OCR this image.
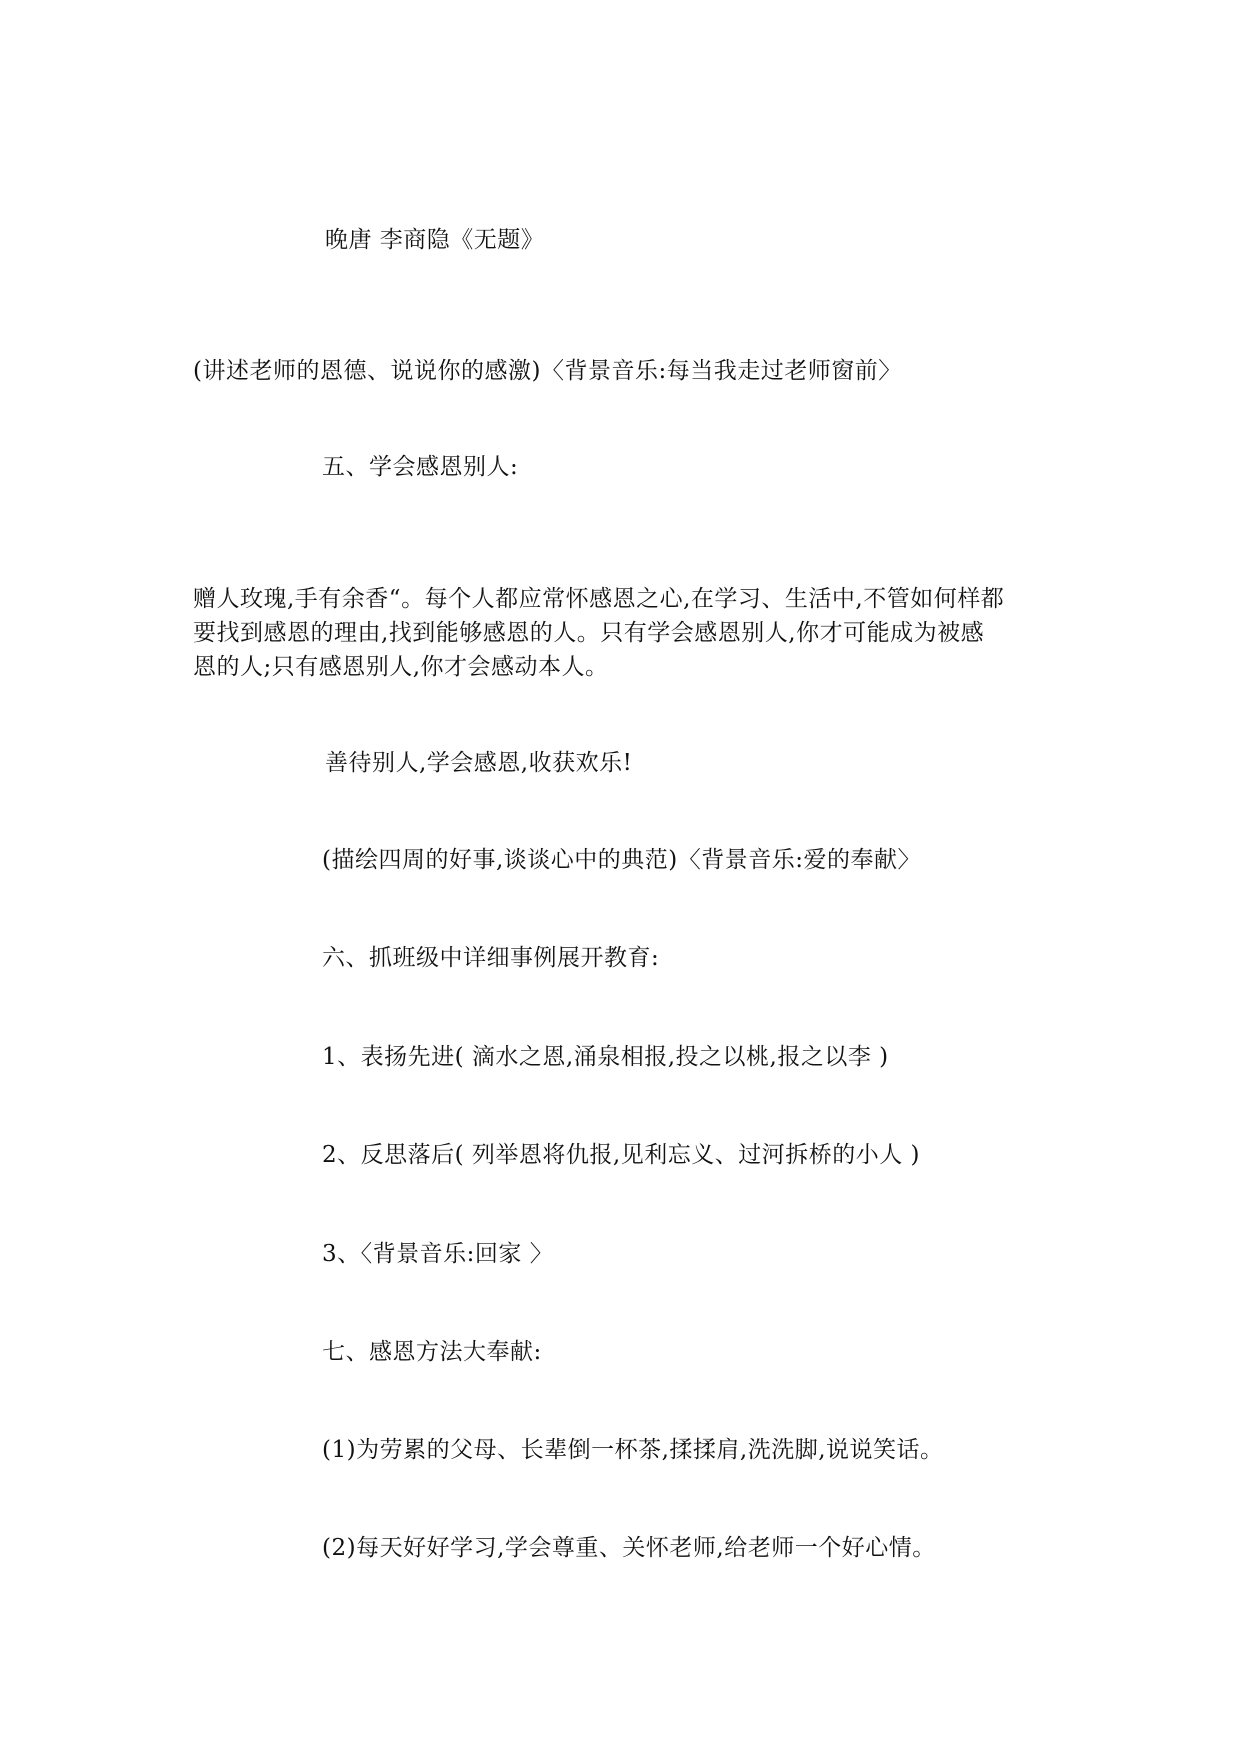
晚唐 李商隐《无题》
(讲述老师的恩德、说说你的感激)〈背景音乐:每当我走过老师窗前〉
五、学会感恩别人:
赠人玫瑰,手有余香“。每个人都应常怀感恩之心,在学习、生活中,不管如何样都
要找到感恩的理由,找到能够感恩的人。只有学会感恩别人,你才可能成为被感
恩的人;只有感恩别人,你才会感动本人。
善待别人,学会感恩,收获欢乐!
(描绘四周的好事,谈谈心中的典范)〈背景音乐:爱的奉献〉
六、抓班级中详细事例展开教育:
1、表扬先进( 滴水之恩,涌泉相报,投之以桃,报之以李 )
2、反思落后( 列举恩将仇报,见利忘义、过河拆桥的小人 )
3、〈背景音乐:回家 〉
七、感恩方法大奉献:
(1)为劳累的父母、长辈倒一杯茶,揉揉肩,洗洗脚,说说笑话。
(2)每天好好学习,学会尊重、关怀老师,给老师一个好心情。
